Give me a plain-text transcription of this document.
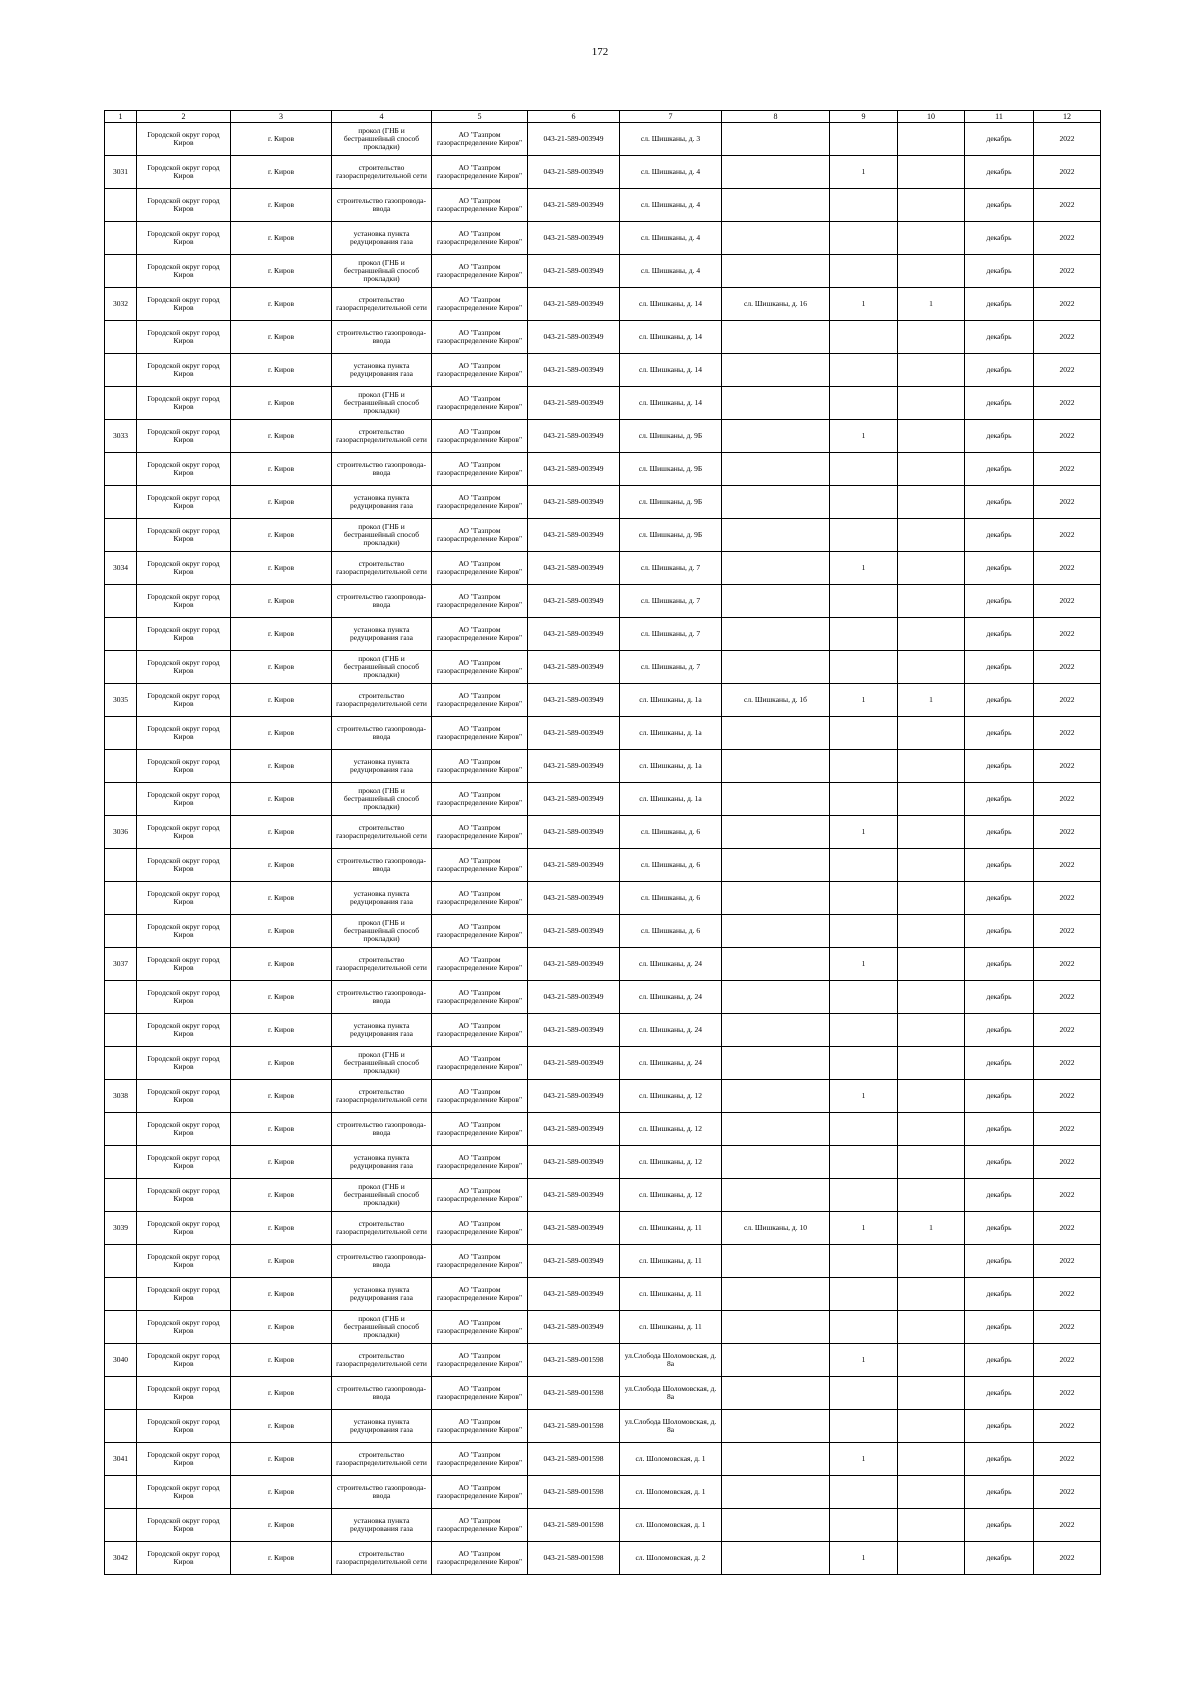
172
1	2	3	4	5	6	7	8	9	10	11	12

	Городской округ город Киров	г. Киров	прокол (ГНБ и бестраншейный способ прокладки)	АО "Газпром газораспределение Киров"	043-21-589-003949	сл. Шишканы, д. 3				декабрь	2022

3031	Городской округ город Киров	г. Киров	строительство газораспределительной сети	АО "Газпром газораспределение Киров"	043-21-589-003949	сл. Шишканы, д. 4		1		декабрь	2022

	Городской округ город Киров	г. Киров	строительство газопровода-ввода	АО "Газпром газораспределение Киров"	043-21-589-003949	сл. Шишканы, д. 4				декабрь	2022

	Городской округ город Киров	г. Киров	установка пункта редуцирования газа	АО "Газпром газораспределение Киров"	043-21-589-003949	сл. Шишканы, д. 4				декабрь	2022

	Городской округ город Киров	г. Киров	прокол (ГНБ и бестраншейный способ прокладки)	АО "Газпром газораспределение Киров"	043-21-589-003949	сл. Шишканы, д. 4				декабрь	2022

3032	Городской округ город Киров	г. Киров	строительство газораспределительной сети	АО "Газпром газораспределение Киров"	043-21-589-003949	сл. Шишканы, д. 14	сл. Шишканы, д. 16	1	1	декабрь	2022

	Городской округ город Киров	г. Киров	строительство газопровода-ввода	АО "Газпром газораспределение Киров"	043-21-589-003949	сл. Шишканы, д. 14				декабрь	2022

	Городской округ город Киров	г. Киров	установка пункта редуцирования газа	АО "Газпром газораспределение Киров"	043-21-589-003949	сл. Шишканы, д. 14				декабрь	2022

	Городской округ город Киров	г. Киров	прокол (ГНБ и бестраншейный способ прокладки)	АО "Газпром газораспределение Киров"	043-21-589-003949	сл. Шишканы, д. 14				декабрь	2022

3033	Городской округ город Киров	г. Киров	строительство газораспределительной сети	АО "Газпром газораспределение Киров"	043-21-589-003949	сл. Шишканы, д. 9Б		1		декабрь	2022

	Городской округ город Киров	г. Киров	строительство газопровода-ввода	АО "Газпром газораспределение Киров"	043-21-589-003949	сл. Шишканы, д. 9Б				декабрь	2022

	Городской округ город Киров	г. Киров	установка пункта редуцирования газа	АО "Газпром газораспределение Киров"	043-21-589-003949	сл. Шишканы, д. 9Б				декабрь	2022

	Городской округ город Киров	г. Киров	прокол (ГНБ и бестраншейный способ прокладки)	АО "Газпром газораспределение Киров"	043-21-589-003949	сл. Шишканы, д. 9Б				декабрь	2022

3034	Городской округ город Киров	г. Киров	строительство газораспределительной сети	АО "Газпром газораспределение Киров"	043-21-589-003949	сл. Шишканы, д. 7		1		декабрь	2022

	Городской округ город Киров	г. Киров	строительство газопровода-ввода	АО "Газпром газораспределение Киров"	043-21-589-003949	сл. Шишканы, д. 7				декабрь	2022

	Городской округ город Киров	г. Киров	установка пункта редуцирования газа	АО "Газпром газораспределение Киров"	043-21-589-003949	сл. Шишканы, д. 7				декабрь	2022

	Городской округ город Киров	г. Киров	прокол (ГНБ и бестраншейный способ прокладки)	АО "Газпром газораспределение Киров"	043-21-589-003949	сл. Шишканы, д. 7				декабрь	2022

3035	Городской округ город Киров	г. Киров	строительство газораспределительной сети	АО "Газпром газораспределение Киров"	043-21-589-003949	сл. Шишканы, д. 1а	сл. Шишканы, д. 1б	1	1	декабрь	2022

	Городской округ город Киров	г. Киров	строительство газопровода-ввода	АО "Газпром газораспределение Киров"	043-21-589-003949	сл. Шишканы, д. 1а				декабрь	2022

	Городской округ город Киров	г. Киров	установка пункта редуцирования газа	АО "Газпром газораспределение Киров"	043-21-589-003949	сл. Шишканы, д. 1а				декабрь	2022

	Городской округ город Киров	г. Киров	прокол (ГНБ и бестраншейный способ прокладки)	АО "Газпром газораспределение Киров"	043-21-589-003949	сл. Шишканы, д. 1а				декабрь	2022

3036	Городской округ город Киров	г. Киров	строительство газораспределительной сети	АО "Газпром газораспределение Киров"	043-21-589-003949	сл. Шишканы, д. 6		1		декабрь	2022

	Городской округ город Киров	г. Киров	строительство газопровода-ввода	АО "Газпром газораспределение Киров"	043-21-589-003949	сл. Шишканы, д. 6				декабрь	2022

	Городской округ город Киров	г. Киров	установка пункта редуцирования газа	АО "Газпром газораспределение Киров"	043-21-589-003949	сл. Шишканы, д. 6				декабрь	2022

	Городской округ город Киров	г. Киров	прокол (ГНБ и бестраншейный способ прокладки)	АО "Газпром газораспределение Киров"	043-21-589-003949	сл. Шишканы, д. 6				декабрь	2022

3037	Городской округ город Киров	г. Киров	строительство газораспределительной сети	АО "Газпром газораспределение Киров"	043-21-589-003949	сл. Шишканы, д. 24		1		декабрь	2022

	Городской округ город Киров	г. Киров	строительство газопровода-ввода	АО "Газпром газораспределение Киров"	043-21-589-003949	сл. Шишканы, д. 24				декабрь	2022

	Городской округ город Киров	г. Киров	установка пункта редуцирования газа	АО "Газпром газораспределение Киров"	043-21-589-003949	сл. Шишканы, д. 24				декабрь	2022

	Городской округ город Киров	г. Киров	прокол (ГНБ и бестраншейный способ прокладки)	АО "Газпром газораспределение Киров"	043-21-589-003949	сл. Шишканы, д. 24				декабрь	2022

3038	Городской округ город Киров	г. Киров	строительство газораспределительной сети	АО "Газпром газораспределение Киров"	043-21-589-003949	сл. Шишканы, д. 12		1		декабрь	2022

	Городской округ город Киров	г. Киров	строительство газопровода-ввода	АО "Газпром газораспределение Киров"	043-21-589-003949	сл. Шишканы, д. 12				декабрь	2022

	Городской округ город Киров	г. Киров	установка пункта редуцирования газа	АО "Газпром газораспределение Киров"	043-21-589-003949	сл. Шишканы, д. 12				декабрь	2022

	Городской округ город Киров	г. Киров	прокол (ГНБ и бестраншейный способ прокладки)	АО "Газпром газораспределение Киров"	043-21-589-003949	сл. Шишканы, д. 12				декабрь	2022

3039	Городской округ город Киров	г. Киров	строительство газораспределительной сети	АО "Газпром газораспределение Киров"	043-21-589-003949	сл. Шишканы, д. 11	сл. Шишканы, д. 10	1	1	декабрь	2022

	Городской округ город Киров	г. Киров	строительство газопровода-ввода	АО "Газпром газораспределение Киров"	043-21-589-003949	сл. Шишканы, д. 11				декабрь	2022

	Городской округ город Киров	г. Киров	установка пункта редуцирования газа	АО "Газпром газораспределение Киров"	043-21-589-003949	сл. Шишканы, д. 11				декабрь	2022

	Городской округ город Киров	г. Киров	прокол (ГНБ и бестраншейный способ прокладки)	АО "Газпром газораспределение Киров"	043-21-589-003949	сл. Шишканы, д. 11				декабрь	2022

3040	Городской округ город Киров	г. Киров	строительство газораспределительной сети	АО "Газпром газораспределение Киров"	043-21-589-001598	ул.Слобода Шоломовская, д. 8а		1		декабрь	2022

	Городской округ город Киров	г. Киров	строительство газопровода-ввода	АО "Газпром газораспределение Киров"	043-21-589-001598	ул.Слобода Шоломовская, д. 8а				декабрь	2022

	Городской округ город Киров	г. Киров	установка пункта редуцирования газа	АО "Газпром газораспределение Киров"	043-21-589-001598	ул.Слобода Шоломовская, д. 8а				декабрь	2022

3041	Городской округ город Киров	г. Киров	строительство газораспределительной сети	АО "Газпром газораспределение Киров"	043-21-589-001598	сл. Шоломовская, д. 1		1		декабрь	2022

	Городской округ город Киров	г. Киров	строительство газопровода-ввода	АО "Газпром газораспределение Киров"	043-21-589-001598	сл. Шоломовская, д. 1				декабрь	2022

	Городской округ город Киров	г. Киров	установка пункта редуцирования газа	АО "Газпром газораспределение Киров"	043-21-589-001598	сл. Шоломовская, д. 1				декабрь	2022

3042	Городской округ город Киров	г. Киров	строительство газораспределительной сети	АО "Газпром газораспределение Киров"	043-21-589-001598	сл. Шоломовская, д. 2		1		декабрь	2022
